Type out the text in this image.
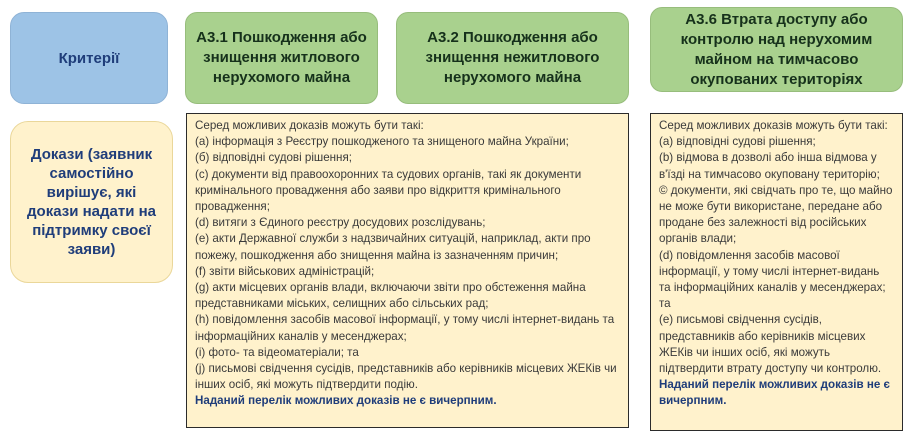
Критерії
А3.1 Пошкодження або знищення житлового нерухомого майна
А3.2 Пошкодження або знищення нежитлового нерухомого майна
А3.6 Втрата доступу або контролю над нерухомим майном на тимчасово окупованих територіях
Докази (заявник самостійно вирішує, які докази надати на підтримку своєї заяви)
Серед можливих доказів можуть бути такі:
(a) інформація з Реєстру пошкодженого та знищеного майна України;
(б) відповідні судові рішення;
(c) документи від правоохоронних та судових органів, такі як документи кримінального провадження або заяви про відкриття кримінального провадження;
(d) витяги з Єдиного реєстру досудових розслідувань;
(e) акти Державної служби з надзвичайних ситуацій, наприклад, акти про пожежу, пошкодження або знищення майна із зазначенням причин;
(f) звіти військових адміністрацій;
(g) акти місцевих органів влади, включаючи звіти про обстеження майна представниками міських, селищних або сільських рад;
(h) повідомлення засобів масової інформації, у тому числі інтернет-видань та інформаційних каналів у месенджерах;
(i) фото- та відеоматеріали; та
(j) письмові свідчення сусідів, представників або керівників місцевих ЖЕКів чи інших осіб, які можуть підтвердити подію.
Наданий перелік можливих доказів не є вичерпним.
Серед можливих доказів можуть бути такі:
(a) відповідні судові рішення;
(b) відмова в дозволі або інша відмова у в'їзді на тимчасово окуповану територію;
© документи, які свідчать про те, що майно не може бути використане, передане або продане без залежності від російських органів влади;
(d) повідомлення засобів масової інформації, у тому числі інтернет-видань та інформаційних каналів у месенджерах; та
(e) письмові свідчення сусідів, представників або керівників місцевих ЖЕКів чи інших осіб, які можуть підтвердити втрату доступу чи контролю.
Наданий перелік можливих доказів не є вичерпним.
